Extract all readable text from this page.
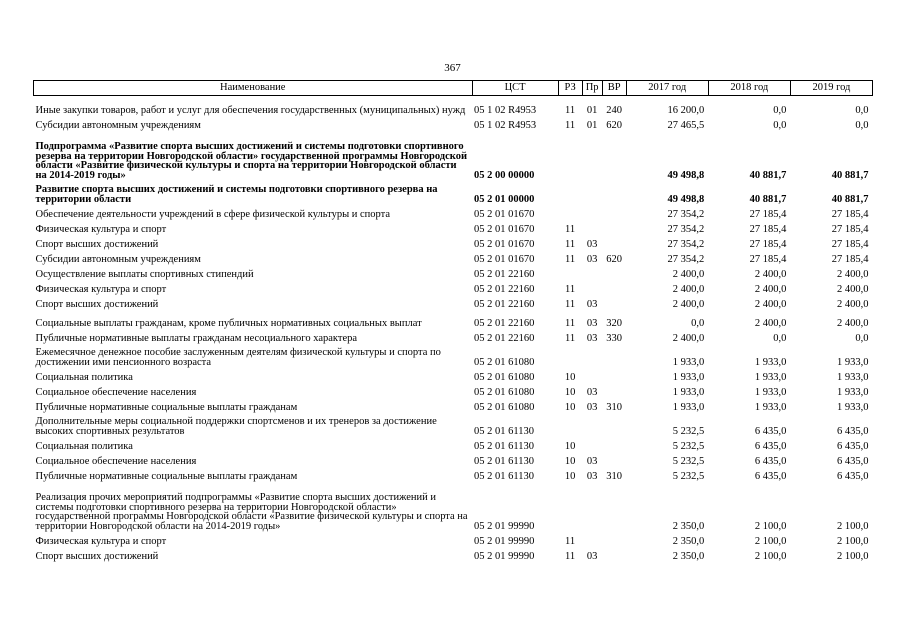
367
Наименование	ЦСТ	РЗ	Пр	ВР	2017 год	2018 год	2019 год
Иные закупки товаров, работ и услуг для обеспечения государственных (муниципальных) нужд	05 1 02 R4953	11	01	240	16 200,0	0,0	0,0
Субсидии автономным учреждениям	05 1 02 R4953	11	01	620	27 465,5	0,0	0,0
Подпрограмма «Развитие спорта высших достижений и системы подготовки спортивного резерва на территории Новгородской области» государственной программы Новгородской области «Развитие физической культуры и спорта на территории Новгородской области на 2014-2019 годы»	05 2 00 00000				49 498,8	40 881,7	40 881,7
Развитие спорта высших достижений и системы подготовки спортивного резерва на территории области	05 2 01 00000				49 498,8	40 881,7	40 881,7
Обеспечение деятельности учреждений в сфере физической культуры и спорта	05 2 01 01670				27 354,2	27 185,4	27 185,4
Физическая культура и спорт	05 2 01 01670	11			27 354,2	27 185,4	27 185,4
Спорт высших достижений	05 2 01 01670	11	03		27 354,2	27 185,4	27 185,4
Субсидии автономным учреждениям	05 2 01 01670	11	03	620	27 354,2	27 185,4	27 185,4
Осуществление выплаты спортивных стипендий	05 2 01 22160				2 400,0	2 400,0	2 400,0
Физическая культура и спорт	05 2 01 22160	11			2 400,0	2 400,0	2 400,0
Спорт высших достижений	05 2 01 22160	11	03		2 400,0	2 400,0	2 400,0
Социальные выплаты гражданам, кроме публичных нормативных социальных выплат	05 2 01 22160	11	03	320	0,0	2 400,0	2 400,0
Публичные нормативные выплаты гражданам несоциального характера	05 2 01 22160	11	03	330	2 400,0	0,0	0,0
Ежемесячное денежное пособие заслуженным деятелям физической культуры и спорта по достижении ими пенсионного возраста	05 2 01 61080				1 933,0	1 933,0	1 933,0
Социальная политика	05 2 01 61080	10			1 933,0	1 933,0	1 933,0
Социальное обеспечение населения	05 2 01 61080	10	03		1 933,0	1 933,0	1 933,0
Публичные нормативные социальные выплаты гражданам	05 2 01 61080	10	03	310	1 933,0	1 933,0	1 933,0
Дополнительные меры социальной поддержки спортсменов и их тренеров за достижение высоких спортивных результатов	05 2 01 61130				5 232,5	6 435,0	6 435,0
Социальная политика	05 2 01 61130	10			5 232,5	6 435,0	6 435,0
Социальное обеспечение населения	05 2 01 61130	10	03		5 232,5	6 435,0	6 435,0
Публичные нормативные социальные выплаты гражданам	05 2 01 61130	10	03	310	5 232,5	6 435,0	6 435,0
Реализация прочих мероприятий подпрограммы «Развитие спорта высших достижений и системы подготовки спортивного резерва на территории Новгородской области» государственной программы Новгородской области «Развитие физической культуры и спорта на территории Новгородской области на 2014-2019 годы»	05 2 01 99990				2 350,0	2 100,0	2 100,0
Физическая культура и спорт	05 2 01 99990	11			2 350,0	2 100,0	2 100,0
Спорт высших достижений	05 2 01 99990	11	03		2 350,0	2 100,0	2 100,0
